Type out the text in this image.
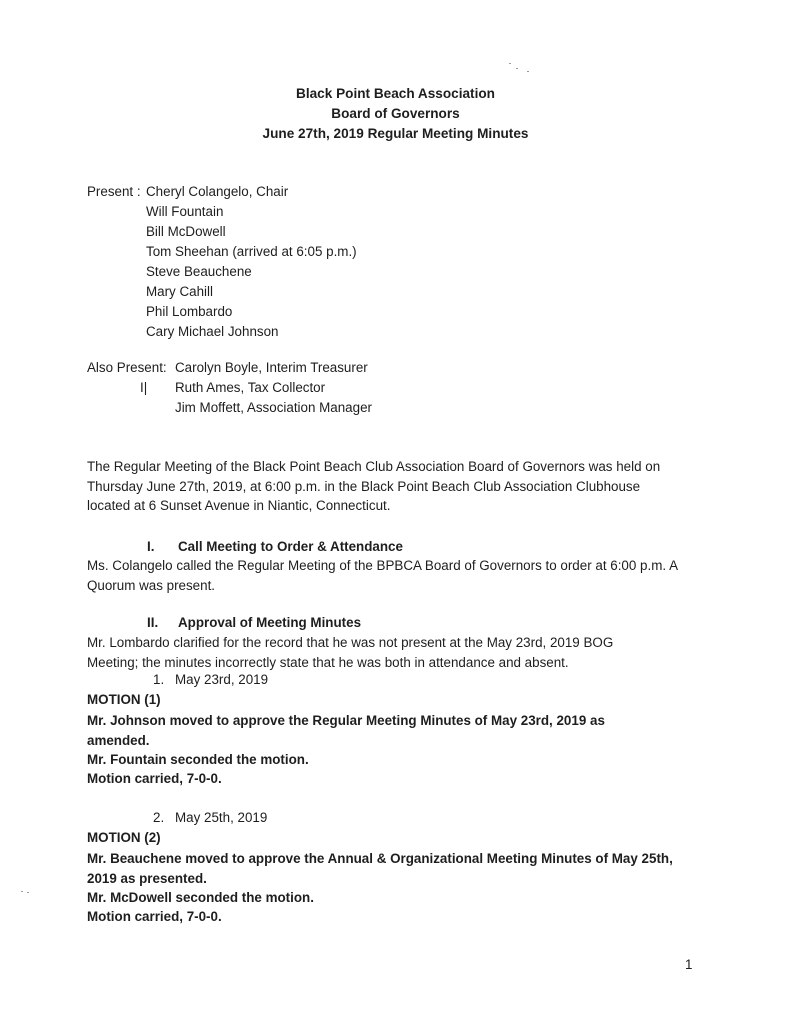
Black Point Beach Association
Board of Governors
June 27th, 2019 Regular Meeting Minutes
Present : Cheryl Colangelo, Chair
Will Fountain
Bill McDowell
Tom Sheehan (arrived at 6:05 p.m.)
Steve Beauchene
Mary Cahill
Phil Lombardo
Cary Michael Johnson
Also Present: Carolyn Boyle, Interim Treasurer
I| Ruth Ames, Tax Collector
Jim Moffett, Association Manager
The Regular Meeting of the Black Point Beach Club Association Board of Governors was held on Thursday June 27th, 2019, at 6:00 p.m. in the Black Point Beach Club Association Clubhouse located at 6 Sunset Avenue in Niantic, Connecticut.
I. Call Meeting to Order & Attendance
Ms. Colangelo called the Regular Meeting of the BPBCA Board of Governors to order at 6:00 p.m. A Quorum was present.
II. Approval of Meeting Minutes
Mr. Lombardo clarified for the record that he was not present at the May 23rd, 2019 BOG Meeting; the minutes incorrectly state that he was both in attendance and absent.
1. May 23rd, 2019
MOTION (1)
Mr. Johnson moved to approve the Regular Meeting Minutes of May 23rd, 2019 as amended.
Mr. Fountain seconded the motion.
Motion carried, 7-0-0.
2. May 25th, 2019
MOTION (2)
Mr. Beauchene moved to approve the Annual & Organizational Meeting Minutes of May 25th, 2019 as presented.
Mr. McDowell seconded the motion.
Motion carried, 7-0-0.
1
